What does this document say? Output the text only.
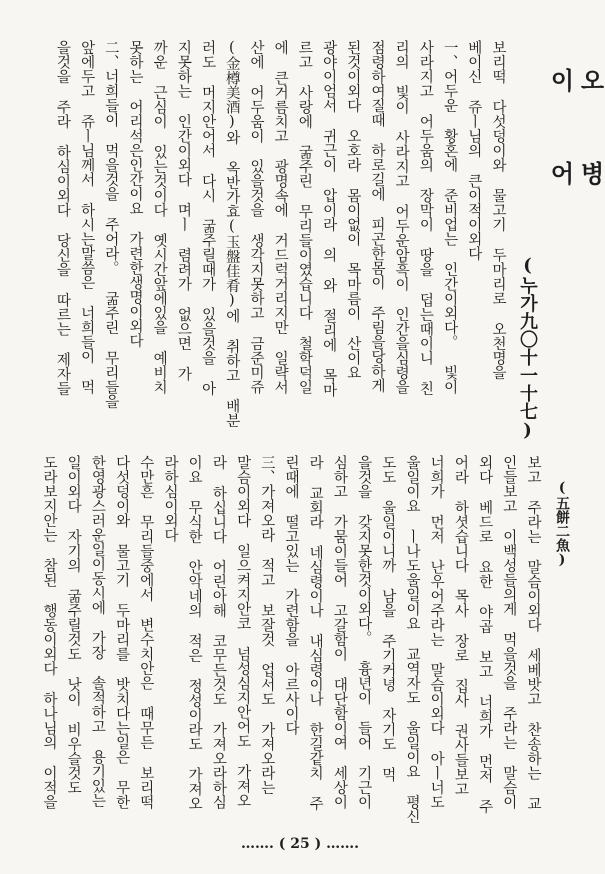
오 병 이 어
(五餅二魚)
(누가九〇十一十七)
보리떡 다섯덩이와 물고기 두마리로 오천명을
베이신 쥬ㅣ님의 큰이적이외다
一、어두운 황혼에 준비업는 인간이외다。 빛이
사라지고 어두움의 장막이 땅을 덥는때이니 친
리의 빛이 사라지고 어두운암흑이 인간을심령을
점령하여질때 하로길에 피곤한몸이 주림을당하게
된것이외다 오호라 몸이없이 목마름이 산이요
광야이엄서 귀근이 압이라 의 와 절리에 목마
르고 사랑에 굶주린 무리들이였습니다 철학덕일
에 큰거름치고 광명속에 거드럭거리지만 일략서
산에 어두움이 있을것을 생각지못하고 금준미쥬
(金樽美酒)와 옥반가효(玉盤佳肴)에 취하고 배분
러도 머지안어서 다시 굶주릴때가 있을것을 아
지못하는 인간이외다 며ㅣ 렴려가 없으면 가
까운 근심이 있는것이다 옛시간앞에있을 예비치
못하는 어리석은인간이요 가련한생명이외다
二、너희들이 먹을것을 주어라。 굶주린 무리들을
앞에두고 쥬ㅣ님께서 하시는말씀은 너희들이 먹
을것을 주라 하심이외다 당신을 따르는 제자들
보고 주라는 말슴이외다 세베밧고 찬송하는 교
인들보고 이백성들의게 먹을것을 주라는 말슴이
외다 베드로 요한 야곱 보고 너희가 먼저 주
어라 하셧습니다 목사 장로 집사 권사들보고
너희가 먼저 난우어주라는 말슴이외다 아ㅣ너도
울일이요 ㅣ나도울일이요 교역자도 울일이요 평신
도도 울일이니까 남을 주기커녕 자기도 먹
을것을 갖지못한것이외다。 흉년이 들어 기근이
심하고 가뭄이들어 고갈함이 대단함이여 세상이
라 교회라 네심령이나 내심령이나 한길같치 주
린때에 떨고있는 가련함을 아르사이다
三、가져오라 적고 보잘것 업서도 가져오라는
말슴이외다 일으켜지안코 넘성심지안어도 가져오
라 하십니다 어린아해 코무든것도 가져오라하심
이요 무식한 안악네의 적은 정성이라도 가져오
라하심이외다
수만흔 무리들중에서 변수치안은 때무든 보리떡
다섯덩이와 물고기 두마리를 밧치다는일은 무한
한영광스러운일이동시에 가장 솔적하고 용기있는
일이외다 자기의 굶주릴것도 낫이 비우슬것도
도라보지안는 참된 행동이외다 하나님의 이적을
……. ( 25 ) …….
